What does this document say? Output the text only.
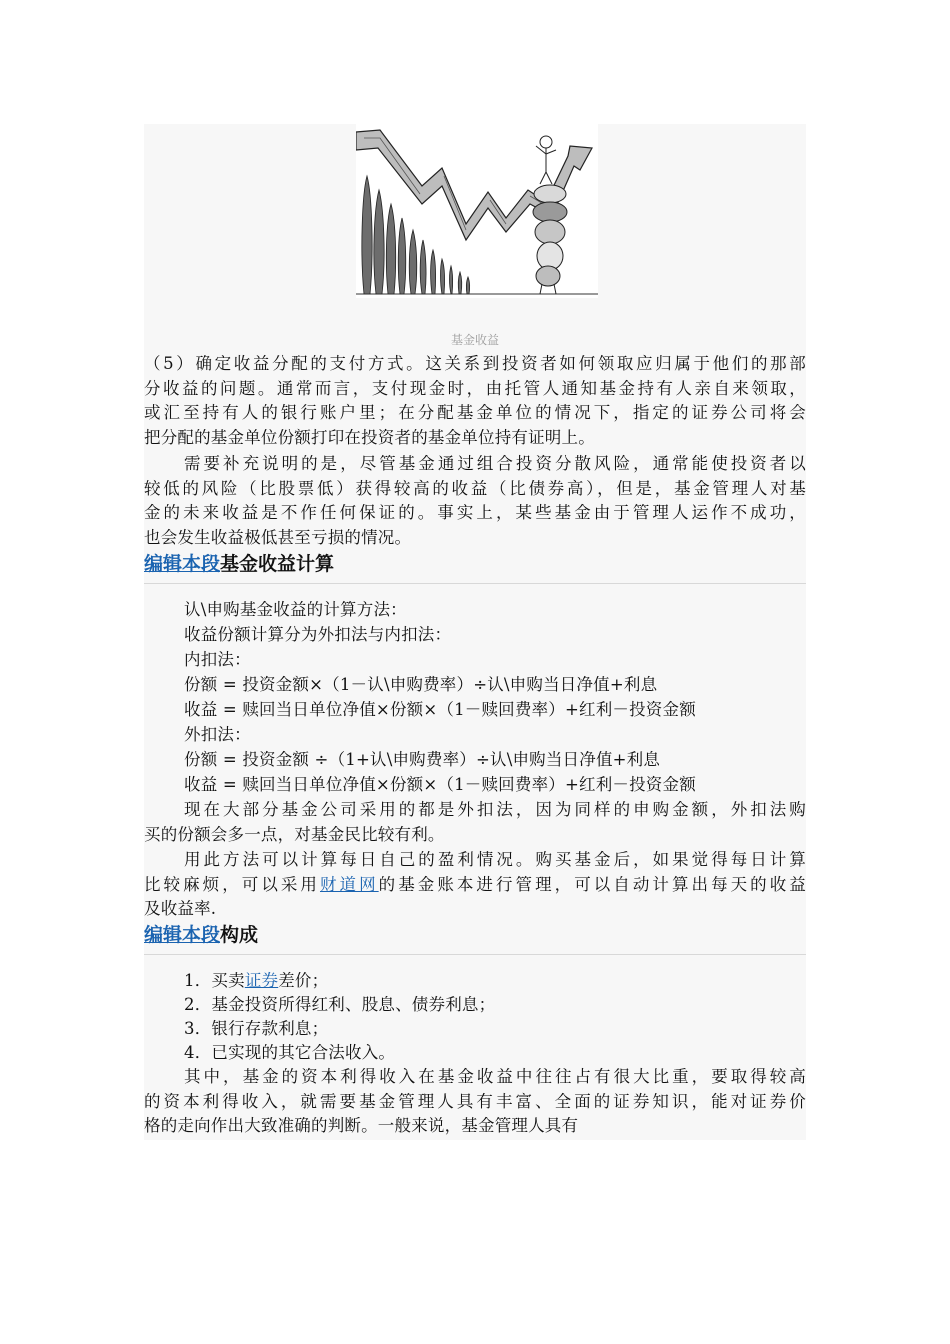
基金收益

（5）确定收益分配的支付方式。这关系到投资者如何领取应归属于他们的那部

分收益的问题。通常而言，支付现金时，由托管人通知基金持有人亲自来领取，

或汇至持有人的银行账户里；在分配基金单位的情况下，指定的证券公司将会

把分配的基金单位份额打印在投资者的基金单位持有证明上。

需要补充说明的是，尽管基金通过组合投资分散风险，通常能使投资者以

较低的风险（比股票低）获得较高的收益（比债券高），但是，基金管理人对基

金的未来收益是不作任何保证的。事实上，某些基金由于管理人运作不成功，

也会发生收益极低甚至亏损的情况。

编辑本段基金收益计算
认\申购基金收益的计算方法：
收益份额计算分为外扣法与内扣法：
内扣法：
份额 = 投资金额×（1－认\申购费率）÷认\申购当日净值+利息
收益 = 赎回当日单位净值×份额×（1－赎回费率）+红利－投资金额
外扣法：
份额 = 投资金额 ÷（1+认\申购费率）÷认\申购当日净值+利息
收益 = 赎回当日单位净值×份额×（1－赎回费率）+红利－投资金额

现在大部分基金公司采用的都是外扣法，因为同样的申购金额，外扣法购

买的份额会多一点，对基金民比较有利。

用此方法可以计算每日自己的盈利情况。购买基金后，如果觉得每日计算

比较麻烦，可以采用财道网的基金账本进行管理，可以自动计算出每天的收益

及收益率.

编辑本段构成
1．买卖证券差价；
2．基金投资所得红利、股息、债券利息；
3．银行存款利息；
4．已实现的其它合法收入。

其中，基金的资本利得收入在基金收益中往往占有很大比重，要取得较高

的资本利得收入，就需要基金管理人具有丰富、全面的证券知识，能对证券价

格的走向作出大致准确的判断。一般来说，基金管理人具有
